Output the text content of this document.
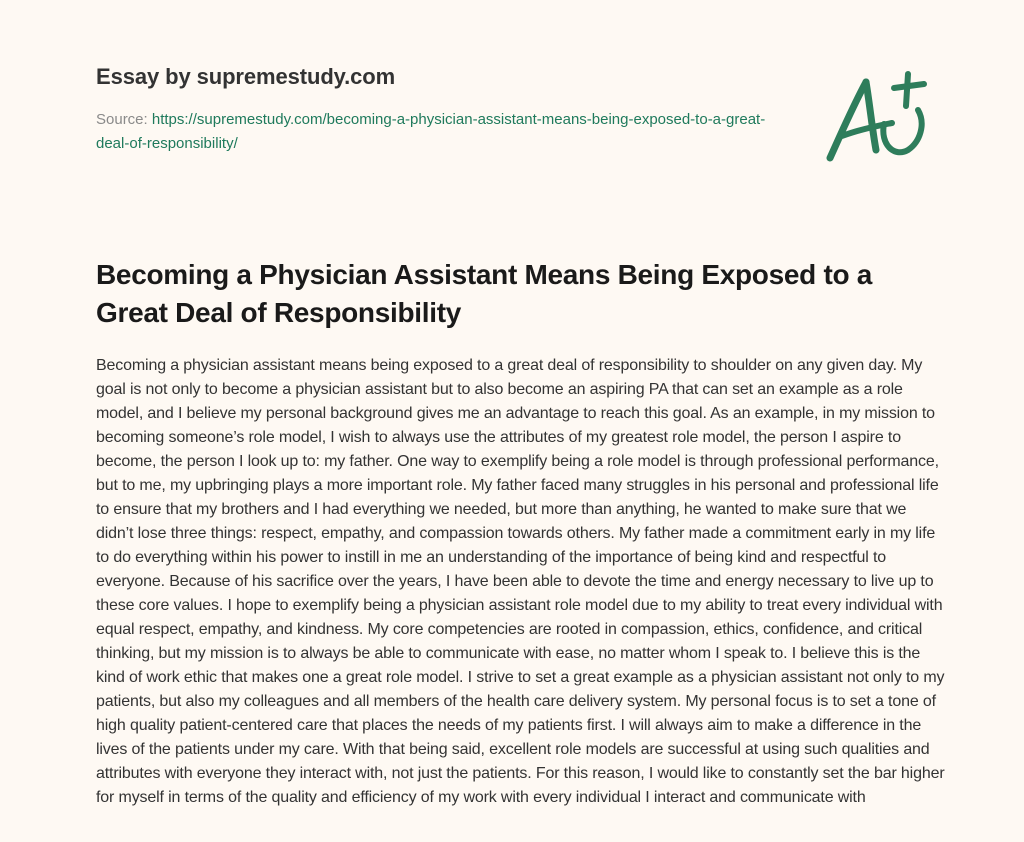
Essay by supremestudy.com
Source: https://supremestudy.com/becoming-a-physician-assistant-means-being-exposed-to-a-great-deal-of-responsibility/
Becoming a Physician Assistant Means Being Exposed to a Great Deal of Responsibility

Becoming a physician assistant means being exposed to a great deal of responsibility to shoulder on any given day. My goal is not only to become a physician assistant but to also become an aspiring PA that can set an example as a role model, and I believe my personal background gives me an advantage to reach this goal. As an example, in my mission to becoming someone’s role model, I wish to always use the attributes of my greatest role model, the person I aspire to become, the person I look up to: my father. One way to exemplify being a role model is through professional performance, but to me, my upbringing plays a more important role. My father faced many struggles in his personal and professional life to ensure that my brothers and I had everything we needed, but more than anything, he wanted to make sure that we didn’t lose three things: respect, empathy, and compassion towards others. My father made a commitment early in my life to do everything within his power to instill in me an understanding of the importance of being kind and respectful to everyone. Because of his sacrifice over the years, I have been able to devote the time and energy necessary to live up to these core values. I hope to exemplify being a physician assistant role model due to my ability to treat every individual with equal respect, empathy, and kindness. My core competencies are rooted in compassion, ethics, confidence, and critical thinking, but my mission is to always be able to communicate with ease, no matter whom I speak to. I believe this is the kind of work ethic that makes one a great role model. I strive to set a great example as a physician assistant not only to my patients, but also my colleagues and all members of the health care delivery system. My personal focus is to set a tone of high quality patient-centered care that places the needs of my patients first. I will always aim to make a difference in the lives of the patients under my care. With that being said, excellent role models are successful at using such qualities and attributes with everyone they interact with, not just the patients. For this reason, I would like to constantly set the bar higher for myself in terms of the quality and efficiency of my work with every individual I interact and communicate with
